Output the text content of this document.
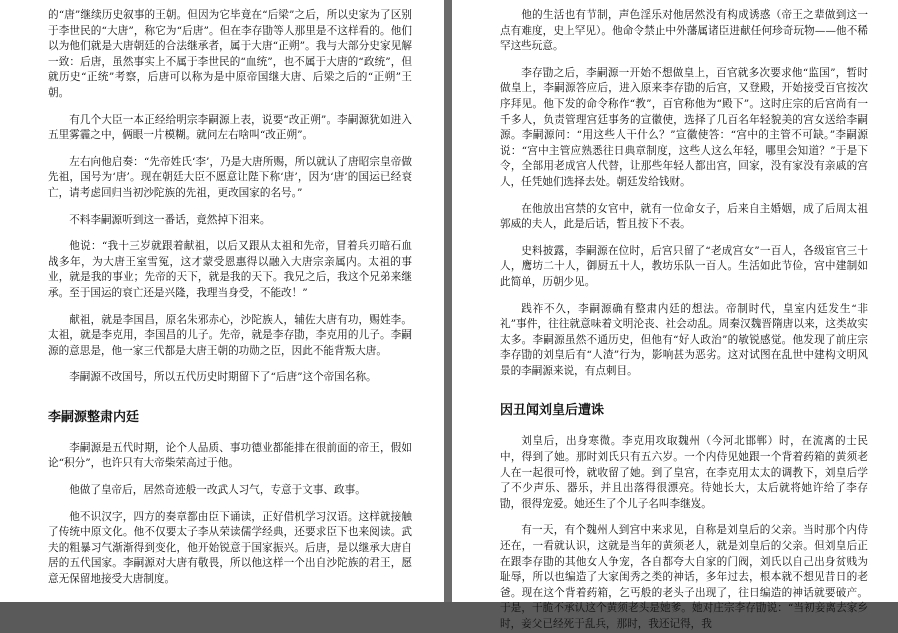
的“唐”继续历史叙事的王朝。但因为它毕竟在“后梁”之后，所以史家为了区别于李世民的“大唐”，称它为“后唐”。但在李存勖等人那里是不这样看的。他们以为他们就是大唐朝廷的合法继承者，属于大唐“正朔”。我与大部分史家见解一致：后唐，虽然事实上不属于李世民的“血统”，也不属于大唐的“政统”，但就历史“正统”考察，后唐可以称为是中原帝国继大唐、后梁之后的“正朔”王朝。

有几个大臣一本正经给明宗李嗣源上表，说要“改正朔”。李嗣源犹如进入五里雾霾之中，俩眼一片模糊。就问左右啥叫“改正朔”。

左右向他启奏：“先帝姓氏‘李’，乃是大唐所赐，所以就认了唐昭宗皇帝做先祖，国号为‘唐’。现在朝廷大臣不愿意让陛下称‘唐’，因为‘唐’的国运已经衰亡，请考虑回归当初沙陀族的先祖，更改国家的名号。”

不料李嗣源听到这一番话，竟然掉下泪来。

他说：“我十三岁就跟着献祖，以后又跟从太祖和先帝，冒着兵刃暗石血战多年，为大唐王室雪冤，这才蒙受恩惠得以融入大唐宗亲属内。太祖的事业，就是我的事业；先帝的天下，就是我的天下。我兄之后，我这个兄弟来继承。至于国运的衰亡还是兴隆，我理当身受，不能改！”

献祖，就是李国昌，原名朱邪赤心，沙陀族人，辅佐大唐有功，赐姓李。太祖，就是李克用，李国昌的儿子。先帝，就是李存勖，李克用的儿子。李嗣源的意思是，他一家三代都是大唐王朝的功勋之臣，因此不能背叛大唐。

李嗣源不改国号，所以五代历史时期留下了“后唐”这个帝国名称。

李嗣源整肃内廷

李嗣源是五代时期，论个人品质、事功德业都能排在很前面的帝王，假如论“积分”，也许只有大帝柴荣高过于他。

他做了皇帝后，居然奇迹般一改武人习气，专意于文事、政事。

他不识汉字，四方的奏章都由臣下诵读，正好借机学习汉语。这样就接触了传统中原文化。他不仅要太子李从荣读儒学经典，还要求臣下也来阅读。武夫的粗暴习气渐渐得到变化，他开始锐意于国家振兴。后唐，是以继承大唐自居的五代国家。李嗣源对大唐有敬畏，所以他这样一个出自沙陀族的君王，愿意无保留地接受大唐制度。

他的生活也有节制，声色淫乐对他居然没有构成诱惑（帝王之辈做到这一点有难度，史上罕见）。他命令禁止中外藩属诸臣进献任何珍奇玩物——他不稀罕这些玩意。

李存勖之后，李嗣源一开始不想做皇上，百官就多次要求他“监国”，暂时做皇上，李嗣源答应后，进入原来李存勖的后宫，又登殿，开始接受百官按次序拜见。他下发的命令称作“教”，百官称他为“殿下”。这时庄宗的后宫尚有一千多人，负责管理宫廷事务的宣徽使，选择了几百名年轻貌美的宫女送给李嗣源。李嗣源问：“用这些人干什么？”宣徽使答：“宫中的主管不可缺。”李嗣源说：“宫中主管应熟悉往日典章制度，这些人这么年轻，哪里会知道？”于是下令，全部用老成宫人代替，让那些年轻人都出宫，回家，没有家没有亲戚的宫人，任凭她们选择去处。朝廷发给钱财。

在他放出宫禁的女官中，就有一位命女子，后来自主婚姻，成了后周太祖郭威的夫人，此是后话，暂且按下不表。

史料披露，李嗣源在位时，后宫只留了“老成宫女”一百人，各级宦官三十人，鹰坊二十人，御厨五十人，教坊乐队一百人。生活如此节俭，宫中建制如此简单，历朝少见。

践祚不久，李嗣源确有整肃内廷的想法。帝制时代，皇室内廷发生“非礼”事件，往往就意味着文明沦丧、社会动乱。周秦汉魏晋隋唐以来，这类故实太多。李嗣源虽然不通历史，但他有“好人政治”的敏锐感觉。他发现了前庄宗李存勖的刘皇后有“人渣”行为，影响甚为恶劣。这对试图在乱世中建构文明风景的李嗣源来说，有点刺目。

因丑闻刘皇后遭诛

刘皇后，出身寒微。李克用攻取魏州（今河北邯郸）时，在流离的士民中，得到了她。那时刘氏只有五六岁。一个内侍见她跟一个背着药箱的黄须老人在一起很可怜，就收留了她。到了皇宫，在李克用太太的调教下，刘皇后学了不少声乐、器乐，并且出落得很漂亮。待她长大，太后就将她许给了李存勖，很得宠爱。她还生了个儿子名叫李继岌。

有一天，有个魏州人到宫中来求见，自称是刘皇后的父亲。当时那个内侍还在，一看就认识，这就是当年的黄须老人，就是刘皇后的父亲。但刘皇后正在跟李存勖的其他女人争宠，各自都夸大自家的门阀，刘氏以自己出身贫贱为耻辱，所以也编造了大家闺秀之类的神话，多年过去，根本就不想见昔日的老爸。现在这个背着药箱，乞丐般的老头子出现了，往日编造的神话就要破产。于是，干脆不承认这个黄须老头是她爹。她对庄宗李存勖说：“当初妾离去家乡时，妾父已经死于乱兵，那时，我还记得，我
